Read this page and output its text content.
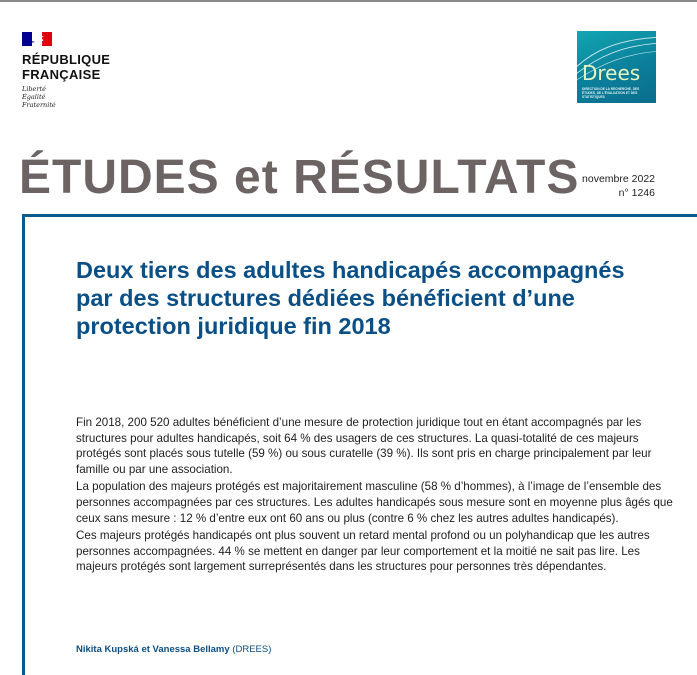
RÉPUBLIQUE
FRANÇAISE
Liberté
Égalité
Fraternité
Drees
DIRECTION DE LA RECHERCHE, DES ÉTUDES, DE L'ÉVALUATION ET DES STATISTIQUES
ÉTUDES et RÉSULTATS novembre 2022
n° 1246
Deux tiers des adultes handicapés accompagnés par des structures dédiées bénéficient d’une protection juridique fin 2018

Fin 2018, 200 520 adultes bénéficient d’une mesure de protection juridique tout en étant accompagnés par les structures pour adultes handicapés, soit 64 % des usagers de ces structures. La quasi-totalité de ces majeurs protégés sont placés sous tutelle (59 %) ou sous curatelle (39 %). Ils sont pris en charge principalement par leur famille ou par une association.

La population des majeurs protégés est majoritairement masculine (58 % d’hommes), à l’image de l’ensemble des personnes accompagnées par ces structures. Les adultes handicapés sous mesure sont en moyenne plus âgés que ceux sans mesure : 12 % d’entre eux ont 60 ans ou plus (contre 6 % chez les autres adultes handicapés).

Ces majeurs protégés handicapés ont plus souvent un retard mental profond ou un polyhandicap que les autres personnes accompagnées. 44 % se mettent en danger par leur comportement et la moitié ne sait pas lire. Les majeurs protégés sont largement surreprésentés dans les structures pour personnes très dépendantes.

Nikita Kupská et Vanessa Bellamy (DREES)
